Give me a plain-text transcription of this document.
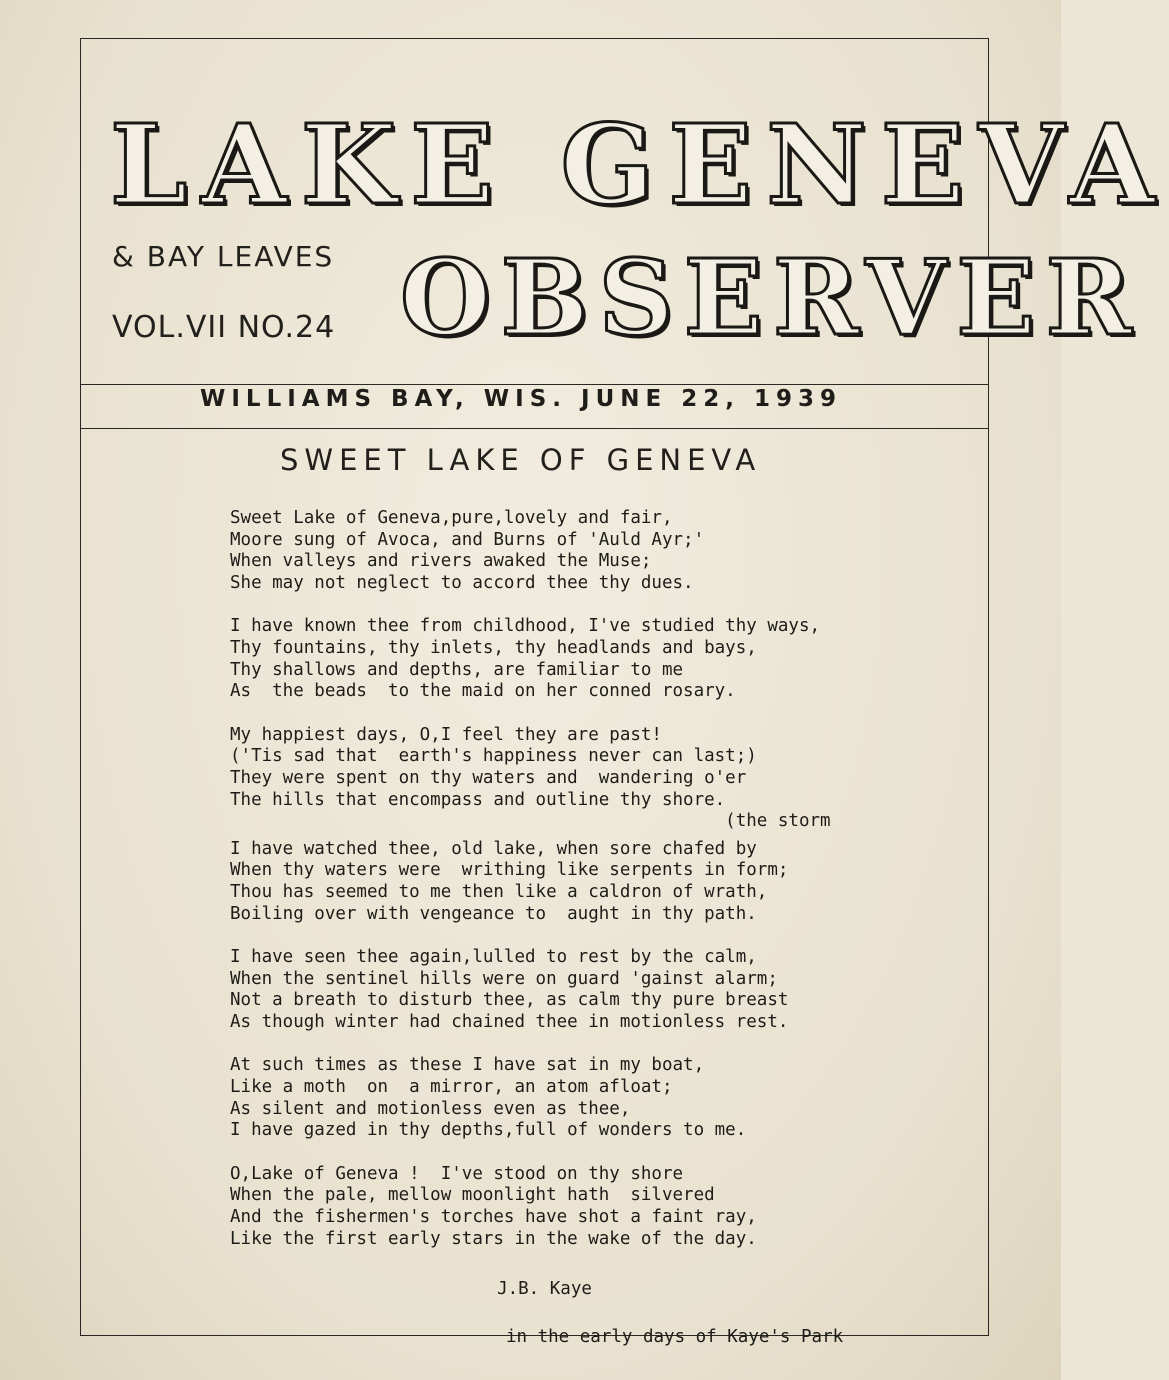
LAKE GENEVA
& BAY LEAVES
VOL.VII NO.24 OBSERVER
WILLIAMS BAY, WIS. JUNE 22, 1939
SWEET LAKE OF GENEVA
Sweet Lake of Geneva,pure,lovely and fair,
Moore sung of Avoca, and Burns of 'Auld Ayr;'
When valleys and rivers awaked the Muse;
She may not neglect to accord thee thy dues.
I have known thee from childhood, I've studied thy ways,
Thy fountains, thy inlets, thy headlands and bays,
Thy shallows and depths, are familiar to me
As  the beads  to the maid on her conned rosary.
My happiest days, O,I feel they are past!
('Tis sad that  earth's happiness never can last;)
They were spent on thy waters and  wandering o'er
The hills that encompass and outline thy shore.
(the storm
I have watched thee, old lake, when sore chafed by
When thy waters were  writhing like serpents in form;
Thou has seemed to me then like a caldron of wrath,
Boiling over with vengeance to  aught in thy path.
I have seen thee again,lulled to rest by the calm,
When the sentinel hills were on guard 'gainst alarm;
Not a breath to disturb thee, as calm thy pure breast
As though winter had chained thee in motionless rest.
At such times as these I have sat in my boat,
Like a moth  on  a mirror, an atom afloat;
As silent and motionless even as thee,
I have gazed in thy depths,full of wonders to me.
O,Lake of Geneva !  I've stood on thy shore
When the pale, mellow moonlight hath  silvered
And the fishermen's torches have shot a faint ray,
Like the first early stars in the wake of the day.

J.B. Kaye

in the early days of Kaye's Park
